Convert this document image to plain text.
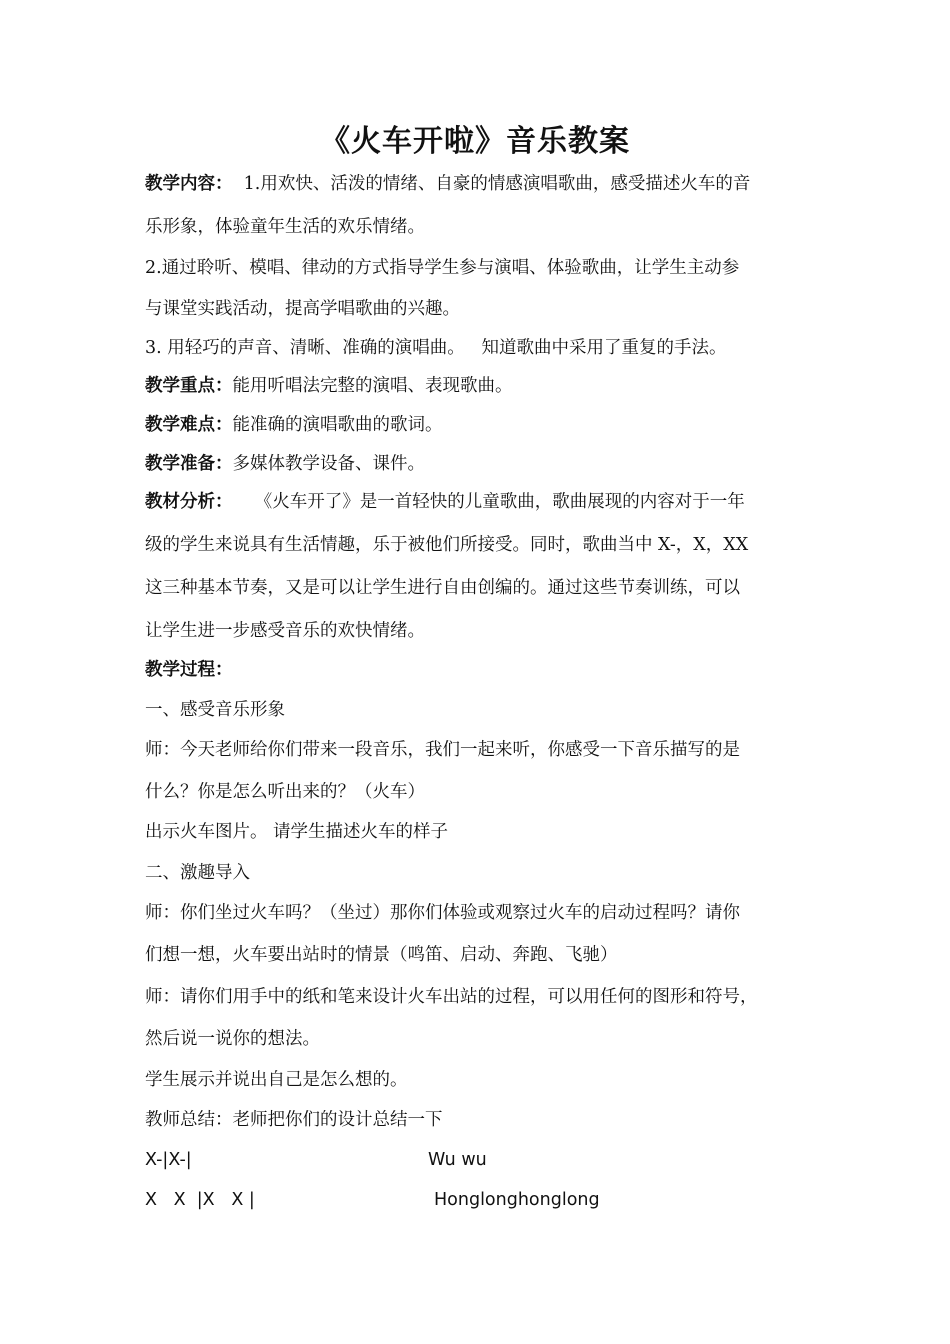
《火车开啦》音乐教案
教学内容：  1.用欢快、活泼的情绪、自豪的情感演唱歌曲，感受描述火车的音
乐形象，体验童年生活的欢乐情绪。
2.通过聆听、模唱、律动的方式指导学生参与演唱、体验歌曲，让学生主动参
与课堂实践活动，提高学唱歌曲的兴趣。
3. 用轻巧的声音、清晰、准确的演唱曲。   知道歌曲中采用了重复的手法。
教学重点：能用听唱法完整的演唱、表现歌曲。
教学难点：能准确的演唱歌曲的歌词。
教学准备：多媒体教学设备、课件。
教材分析：    《火车开了》是一首轻快的儿童歌曲，歌曲展现的内容对于一年
级的学生来说具有生活情趣，乐于被他们所接受。同时，歌曲当中 X-，X，XX
这三种基本节奏，又是可以让学生进行自由创编的。通过这些节奏训练，可以
让学生进一步感受音乐的欢快情绪。
教学过程：
一、感受音乐形象
师：今天老师给你们带来一段音乐，我们一起来听，你感受一下音乐描写的是
什么？你是怎么听出来的？（火车）
出示火车图片。 请学生描述火车的样子
二、激趣导入
师：你们坐过火车吗？（坐过）那你们体验或观察过火车的启动过程吗？请你
们想一想，火车要出站时的情景（鸣笛、启动、奔跑、飞驰）
师：请你们用手中的纸和笔来设计火车出站的过程，可以用任何的图形和符号，
然后说一说你的想法。
学生展示并说出自己是怎么想的。
教师总结：老师把你们的设计总结一下
X-|X-|	Wu wu
X   X  |X   X |	Honglonghonglong
